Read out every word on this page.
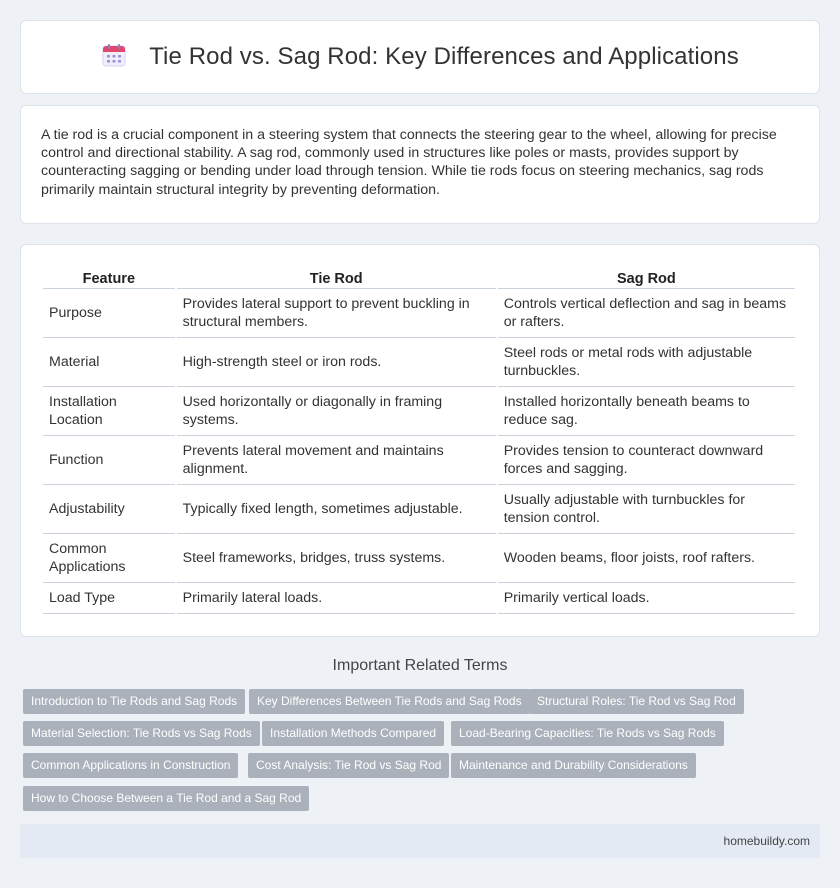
Tie Rod vs. Sag Rod: Key Differences and Applications

A tie rod is a crucial component in a steering system that connects the steering gear to the wheel, allowing for precise control and directional stability. A sag rod, commonly used in structures like poles or masts, provides support by counteracting sagging or bending under load through tension. While tie rods focus on steering mechanics, sag rods primarily maintain structural integrity by preventing deformation.

Feature	Tie Rod	Sag Rod
Purpose	Provides lateral support to prevent buckling in structural members.	Controls vertical deflection and sag in beams or rafters.
Material	High-strength steel or iron rods.	Steel rods or metal rods with adjustable turnbuckles.
Installation Location	Used horizontally or diagonally in framing systems.	Installed horizontally beneath beams to reduce sag.
Function	Prevents lateral movement and maintains alignment.	Provides tension to counteract downward forces and sagging.
Adjustability	Typically fixed length, sometimes adjustable.	Usually adjustable with turnbuckles for tension control.
Common Applications	Steel frameworks, bridges, truss systems.	Wooden beams, floor joists, roof rafters.
Load Type	Primarily lateral loads.	Primarily vertical loads.
Important Related Terms
Introduction to Tie Rods and Sag Rods	Key Differences Between Tie Rods and Sag Rods	Structural Roles: Tie Rod vs Sag Rod
Material Selection: Tie Rods vs Sag Rods	Installation Methods Compared	Load-Bearing Capacities: Tie Rods vs Sag Rods
Common Applications in Construction	Cost Analysis: Tie Rod vs Sag Rod	Maintenance and Durability Considerations
How to Choose Between a Tie Rod and a Sag Rod
homebuildy.com
